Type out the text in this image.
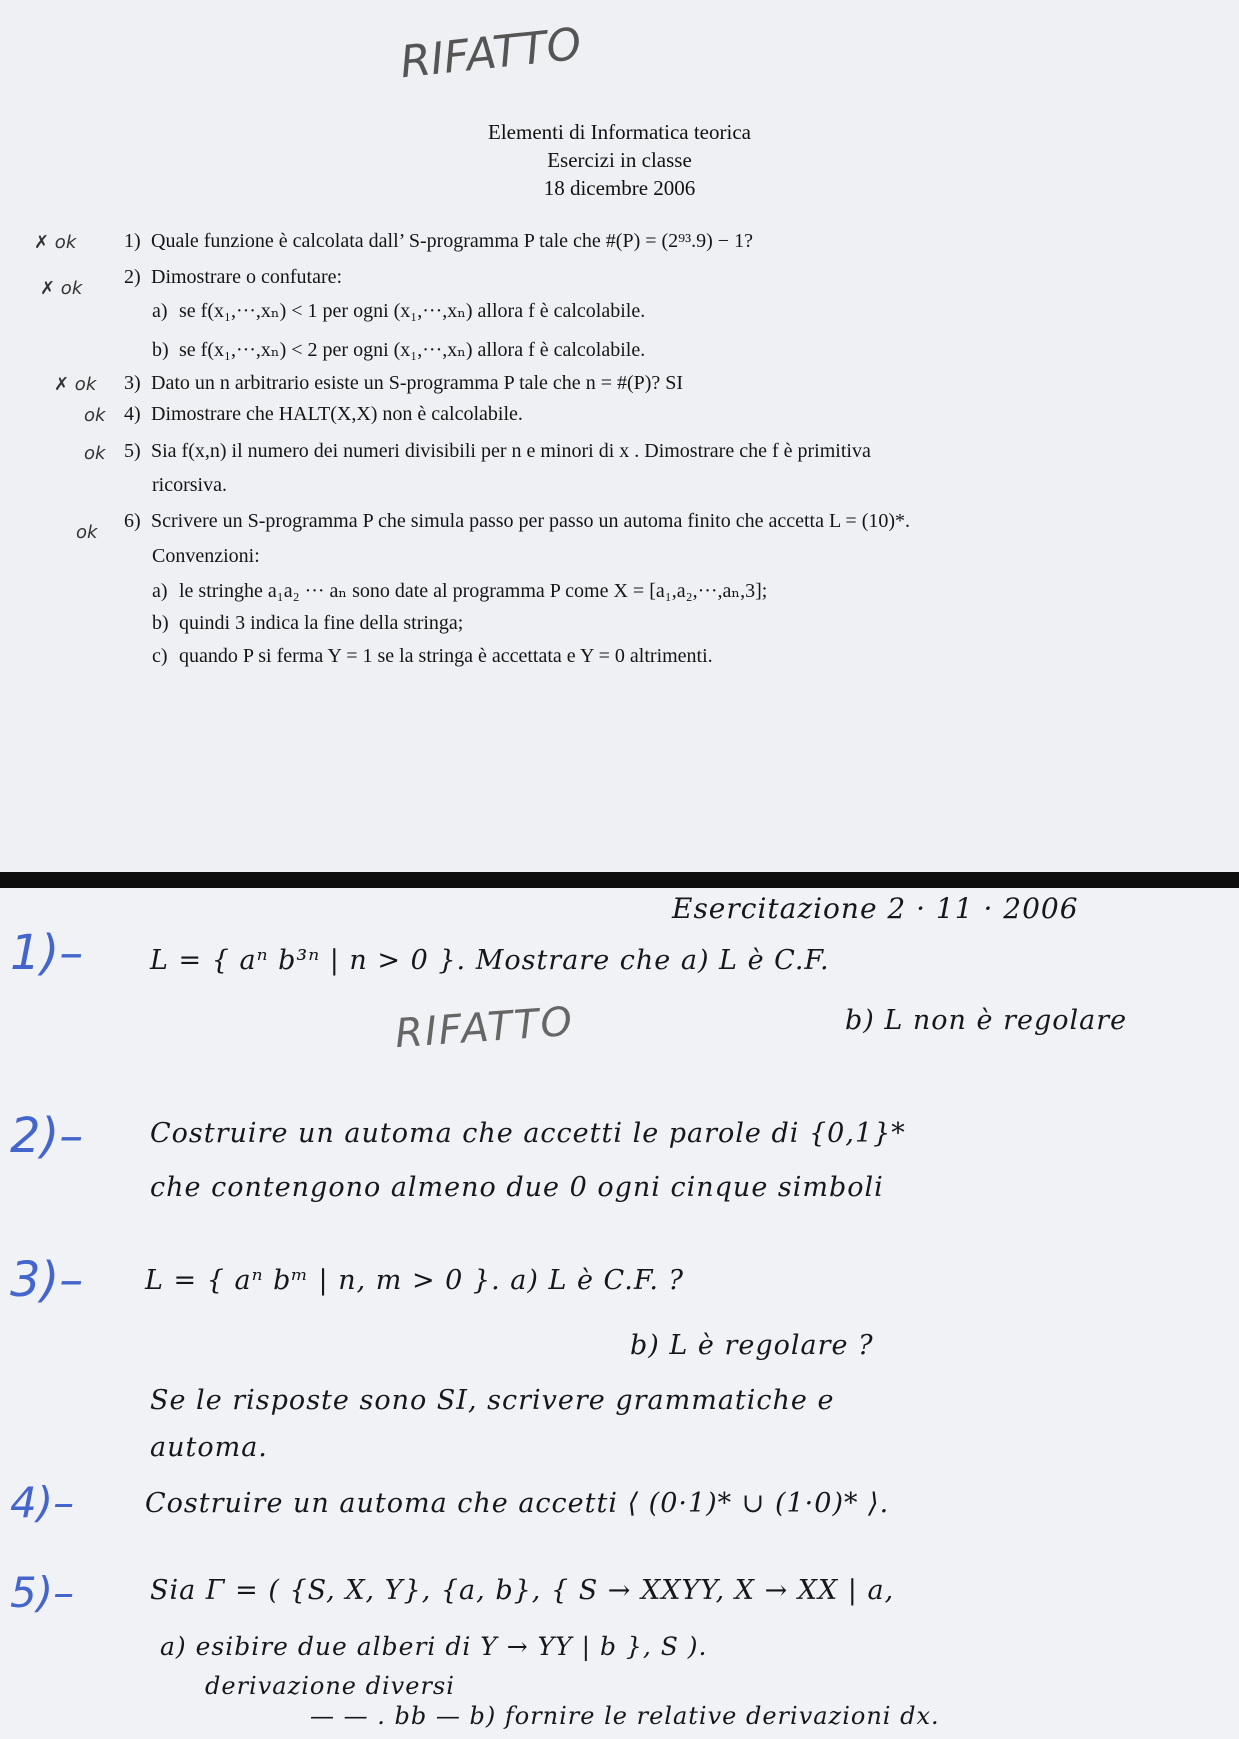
RIFATTO
Elementi di Informatica teorica
Esercizi in classe
18 dicembre 2006
✗ ok 1) Quale funzione è calcolata dall’ S-programma P tale che #(P) = (2⁹³.9) − 1?
✗ ok
2) Dimostrare o confutare:
a) se f(x₁,···,xₙ) < 1 per ogni (x₁,···,xₙ) allora f è calcolabile.
b) se f(x₁,···,xₙ) < 2 per ogni (x₁,···,xₙ) allora f è calcolabile.
✗ ok 3) Dato un n arbitrario esiste un S-programma P tale che n = #(P)? SI
ok 4) Dimostrare che HALT(X,X) non è calcolabile.
ok 5) Sia f(x,n) il numero dei numeri divisibili per n e minori di x . Dimostrare che f è primitiva
ricorsiva.
ok
6) Scrivere un S-programma P che simula passo per passo un automa finito che accetta L = (10)*.
Convenzioni:
a) le stringhe a₁a₂ ··· aₙ sono date al programma P come X = [a₁,a₂,···,aₙ,3];
b) quindi 3 indica la fine della stringa;
c) quando P si ferma Y = 1 se la stringa è accettata e Y = 0 altrimenti.
Esercitazione 2 · 11 · 2006
RIFATTO
1)– L = { aⁿ b³ⁿ | n > 0 }. Mostrare che a) L è C.F.
b) L non è regolare
2)– Costruire un automa che accetti le parole di {0,1}*
che contengono almeno due 0 ogni cinque simboli
3)– L = { aⁿ bᵐ | n, m > 0 }. a) L è C.F. ?
b) L è regolare ?
Se le risposte sono SI, scrivere grammatiche e
automa.
4)–	Costruire un automa che accetti ⟨ (0·1)* ∪ (1·0)* ⟩.
5)–	Sia Γ = ( {S, X, Y}, {a, b}, { S → XXYY, X → XX | a,
a) esibire due alberi di Y → YY | b }, S ).
derivazione diversi
— — . bb — b) fornire le relative derivazioni dx.
